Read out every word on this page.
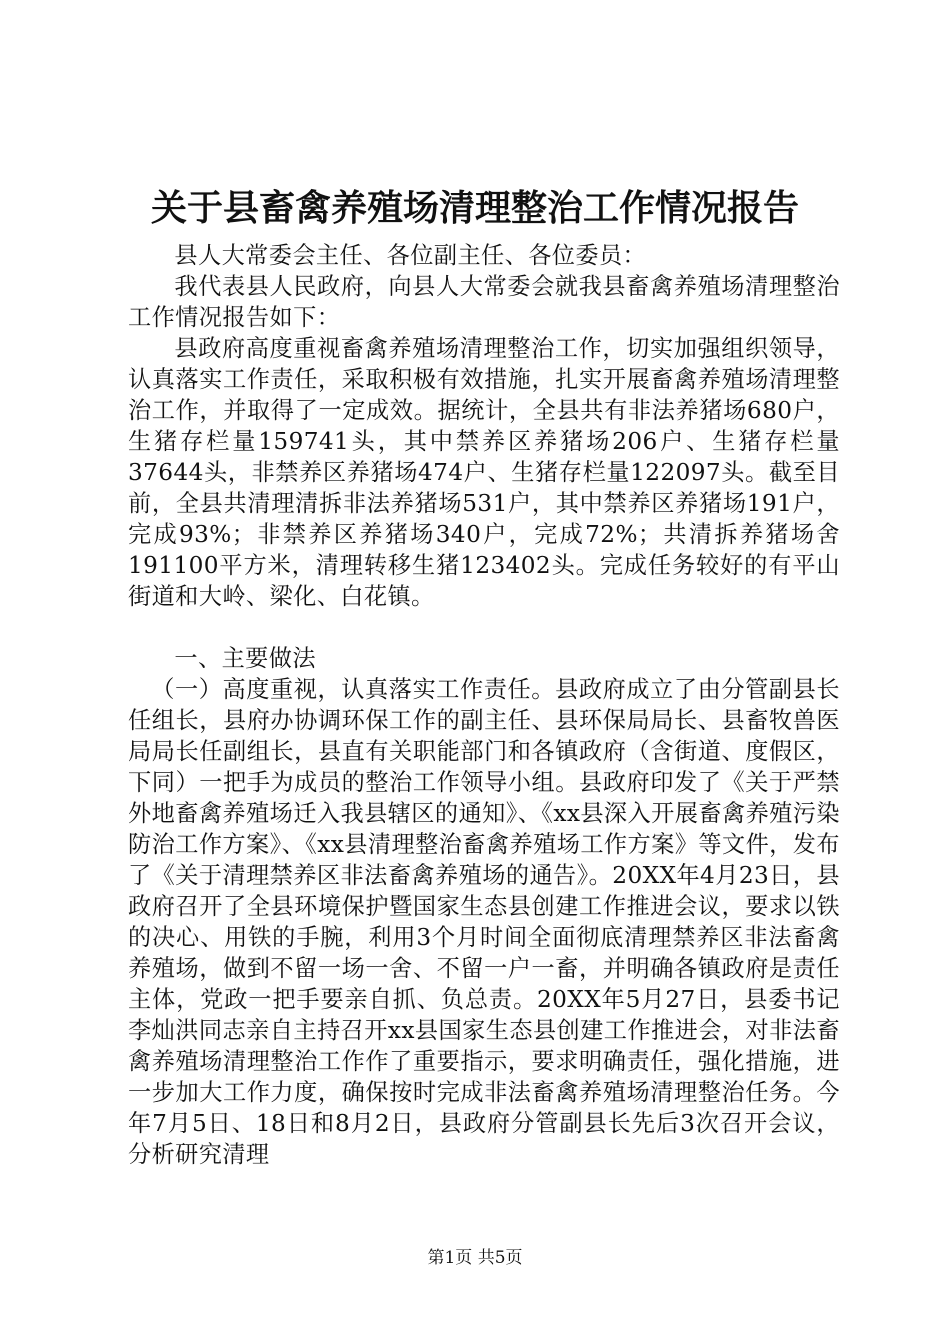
关于县畜禽养殖场清理整治工作情况报告

县人大常委会主任、各位副主任、各位委员：

我代表县人民政府，向县人大常委会就我县畜禽养殖场清理整治工作情况报告如下：

县政府高度重视畜禽养殖场清理整治工作，切实加强组织领导，认真落实工作责任，采取积极有效措施，扎实开展畜禽养殖场清理整治工作，并取得了一定成效。据统计，全县共有非法养猪场680户，生猪存栏量159741头，其中禁养区养猪场206户、生猪存栏量37644头，非禁养区养猪场474户、生猪存栏量122097头。截至目前，全县共清理清拆非法养猪场531户，其中禁养区养猪场191户，完成93%；非禁养区养猪场340户，完成72%；共清拆养猪场舍191100平方米，清理转移生猪123402头。完成任务较好的有平山街道和大岭、梁化、白花镇。

一、主要做法

（一）高度重视，认真落实工作责任。县政府成立了由分管副县长任组长，县府办协调环保工作的副主任、县环保局局长、县畜牧兽医局局长任副组长，县直有关职能部门和各镇政府（含街道、度假区，下同）一把手为成员的整治工作领导小组。县政府印发了《关于严禁外地畜禽养殖场迁入我县辖区的通知》、《xx县深入开展畜禽养殖污染防治工作方案》、《xx县清理整治畜禽养殖场工作方案》等文件，发布了《关于清理禁养区非法畜禽养殖场的通告》。20XX年4月23日，县政府召开了全县环境保护暨国家生态县创建工作推进会议，要求以铁的决心、用铁的手腕，利用3个月时间全面彻底清理禁养区非法畜禽养殖场，做到不留一场一舍、不留一户一畜，并明确各镇政府是责任主体，党政一把手要亲自抓、负总责。20XX年5月27日，县委书记李灿洪同志亲自主持召开xx县国家生态县创建工作推进会，对非法畜禽养殖场清理整治工作作了重要指示，要求明确责任，强化措施，进一步加大工作力度，确保按时完成非法畜禽养殖场清理整治任务。今年7月5日、18日和8月2日，县政府分管副县长先后3次召开会议，分析研究清理

第1页 共5页
